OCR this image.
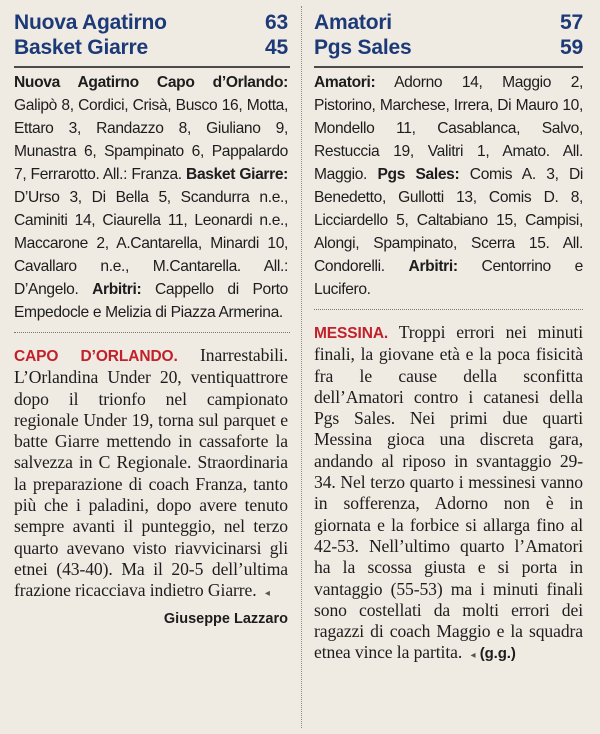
Nuova Agatirno	63
Basket Giarre	45
Nuova Agatirno Capo d’Orlando: Galipò 8, Cordici, Crisà, Busco 16, Motta, Ettaro 3, Randazzo 8, Giuliano 9, Munastra 6, Spampinato 6, Pappalardo 7, Ferrarotto. All.: Franza. Basket Giarre: D’Urso 3, Di Bella 5, Scandurra n.e., Caminiti 14, Ciaurella 11, Leonardi n.e., Maccarone 2, A.Cantarella, Minardi 10, Cavallaro n.e., M.Cantarella. All.: D’Angelo. Arbitri: Cappello di Porto Empedocle e Melizia di Piazza Armerina.
CAPO D’ORLANDO. Inarrestabili. L’Orlandina Under 20, ventiquattrore dopo il trionfo nel campionato regionale Under 19, torna sul parquet e batte Giarre mettendo in cassaforte la salvezza in C Regionale. Straordinaria la preparazione di coach Franza, tanto più che i paladini, dopo avere tenuto sempre avanti il punteggio, nel terzo quarto avevano visto riavvicinarsi gli etnei (43-40). Ma il 20-5 dell’ultima frazione ricacciava indietro Giarre. ◂
Giuseppe Lazzaro
Amatori	57
Pgs Sales	59
Amatori: Adorno 14, Maggio 2, Pistorino, Marchese, Irrera, Di Mauro 10, Mondello 11, Casablanca, Salvo, Restuccia 19, Valitri 1, Amato. All. Maggio. Pgs Sales: Comis A. 3, Di Benedetto, Gullotti 13, Comis D. 8, Licciardello 5, Caltabiano 15, Campisi, Alongi, Spampinato, Scerra 15. All. Condorelli. Arbitri: Centorrino e Lucifero.
MESSINA. Troppi errori nei minuti finali, la giovane età e la poca fisicità fra le cause della sconfitta dell’Amatori contro i catanesi della Pgs Sales. Nei primi due quarti Messina gioca una discreta gara, andando al riposo in svantaggio 29-34. Nel terzo quarto i messinesi vanno in sofferenza, Adorno non è in giornata e la forbice si allarga fino al 42-53. Nell’ultimo quarto l’Amatori ha la scossa giusta e si porta in vantaggio (55-53) ma i minuti finali sono costellati da molti errori dei ragazzi di coach Maggio e la squadra etnea vince la partita. ◂ (g.g.)
